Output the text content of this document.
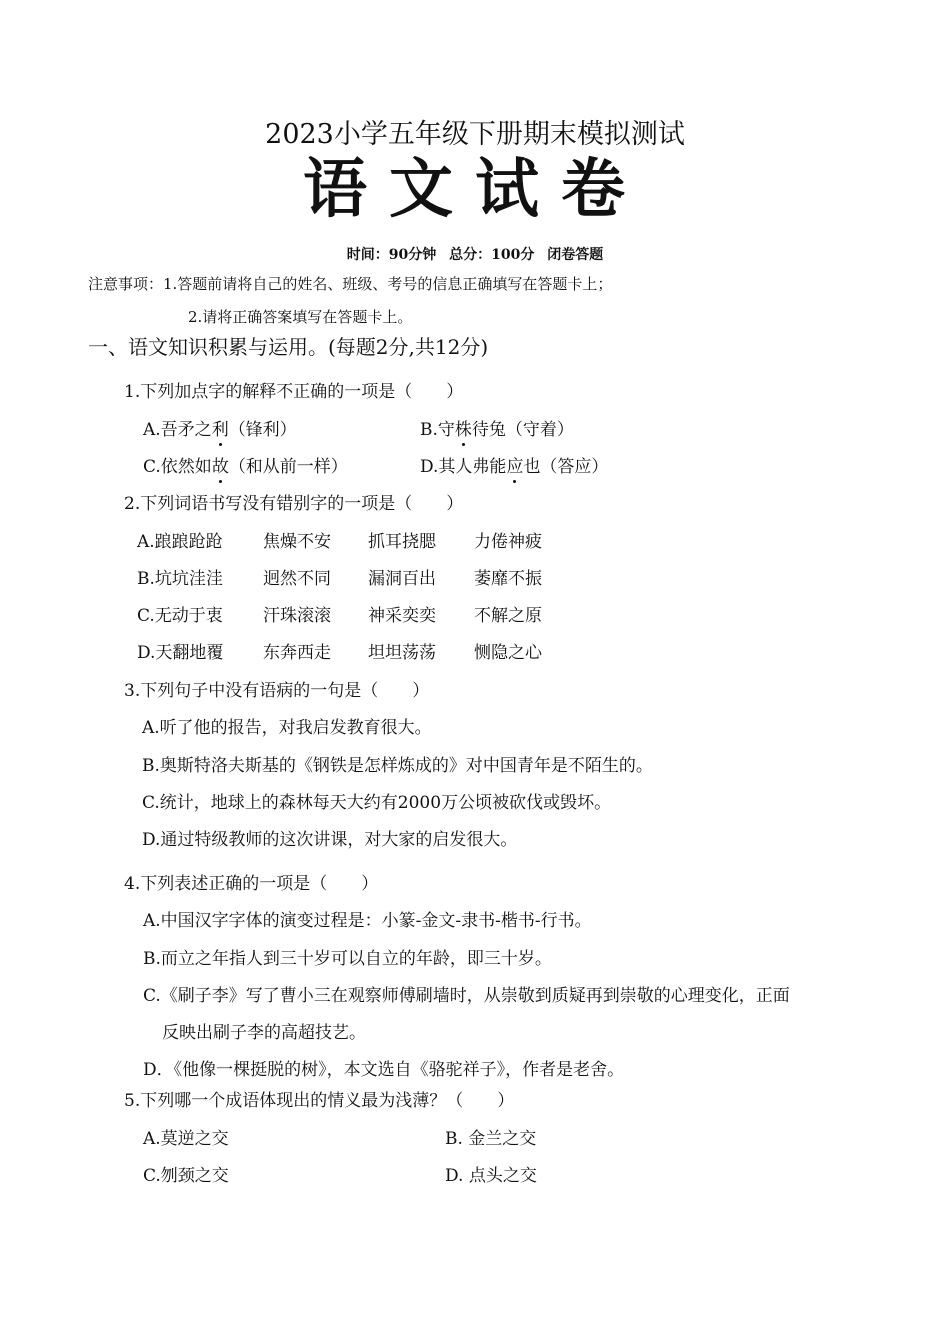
2023小学五年级下册期末模拟测试
语文试卷
时间：90分钟 总分：100分 闭卷答题
注意事项：1.答题前请将自己的姓名、班级、考号的信息正确填写在答题卡上；
2.请将正确答案填写在答题卡上。
一、语文知识积累与运用。(每题2分,共12分)
1.下列加点字的解释不正确的一项是（　　）
A.吾矛之利（锋利）	B.守株待兔（守着）
C.依然如故（和从前一样）	D.其人弗能应也（答应）
2.下列词语书写没有错别字的一项是（　　）
A.踉踉跄跄 焦燥不安 抓耳挠腮 力倦神疲
B.坑坑洼洼 迥然不同 漏洞百出 萎靡不振
C.无动于衷 汗珠滚滚 神采奕奕 不解之原
D.天翻地覆 东奔西走 坦坦荡荡 恻隐之心
3.下列句子中没有语病的一句是（　　）
A.听了他的报告，对我启发教育很大。
B.奥斯特洛夫斯基的《钢铁是怎样炼成的》对中国青年是不陌生的。
C.统计，地球上的森林每天大约有2000万公顷被砍伐或毁坏。
D.通过特级教师的这次讲课，对大家的启发很大。
4.下列表述正确的一项是（　　）
A.中国汉字字体的演变过程是：小篆-金文-隶书-楷书-行书。
B.而立之年指人到三十岁可以自立的年龄，即三十岁。
C.《刷子李》写了曹小三在观察师傅刷墙时，从崇敬到质疑再到崇敬的心理变化，正面
反映出刷子李的高超技艺。
D．《他像一棵挺脱的树》，本文选自《骆驼祥子》，作者是老舍。
5.下列哪一个成语体现出的情义最为浅薄？（　　）
A.莫逆之交	B. 金兰之交
C.刎颈之交	D. 点头之交
